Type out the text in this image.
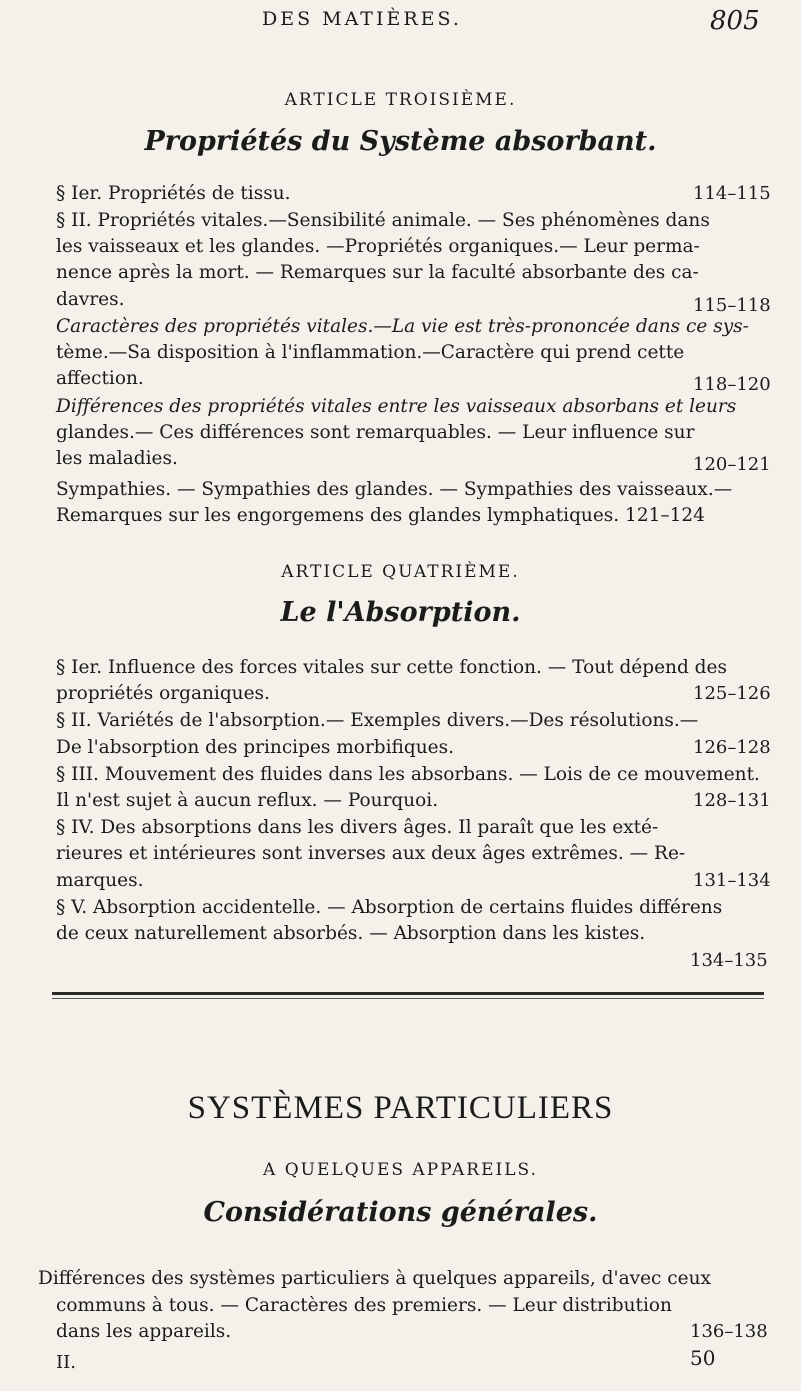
DES MATIÈRES.	805
ARTICLE TROISIÈME.
Propriétés du Système absorbant.
§ Ier. Propriétés de tissu.	114–115
§ II. Propriétés vitales.—Sensibilité animale. — Ses phénomènes dans
les vaisseaux et les glandes. —Propriétés organiques.— Leur perma-
nence après la mort. — Remarques sur la faculté absorbante des ca-
davres.	115–118
Caractères des propriétés vitales.—La vie est très-prononcée dans ce sys-
tème.—Sa disposition à l'inflammation.—Caractère qui prend cette
affection.	118–120
Différences des propriétés vitales entre les vaisseaux absorbans et leurs
glandes.— Ces différences sont remarquables. — Leur influence sur
les maladies.	120–121
Sympathies. — Sympathies des glandes. — Sympathies des vaisseaux.—
Remarques sur les engorgemens des glandes lymphatiques. 121–124
ARTICLE QUATRIÈME.
Le l'Absorption.
§ Ier. Influence des forces vitales sur cette fonction. — Tout dépend des
propriétés organiques.	125–126
§ II. Variétés de l'absorption.— Exemples divers.—Des résolutions.—
De l'absorption des principes morbifiques.	126–128
§ III. Mouvement des fluides dans les absorbans. — Lois de ce mouvement.
Il n'est sujet à aucun reflux. — Pourquoi.	128–131
§ IV. Des absorptions dans les divers âges. Il paraît que les exté-
rieures et intérieures sont inverses aux deux âges extrêmes. — Re-
marques.	131–134
§ V. Absorption accidentelle. — Absorption de certains fluides différens
de ceux naturellement absorbés. — Absorption dans les kistes.
134–135
SYSTÈMES PARTICULIERS
A QUELQUES APPAREILS.
Considérations générales.
Différences des systèmes particuliers à quelques appareils, d'avec ceux
communs à tous. — Caractères des premiers. — Leur distribution
dans les appareils.	136–138
II.	50
